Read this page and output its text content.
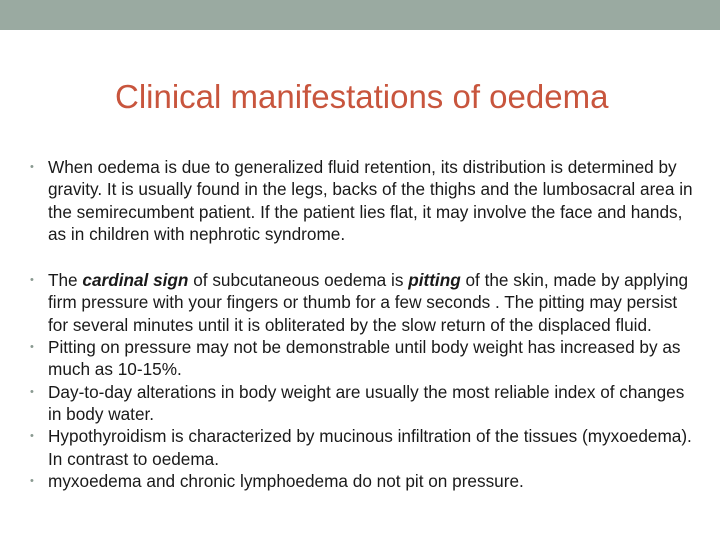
Clinical manifestations of oedema
• When oedema is due to generalized fluid retention, its distribution is determined by gravity. It is usually found in the legs, backs of the thighs and the lumbosacral area in the semirecumbent patient. If the patient lies flat, it may involve the face and hands, as in children with nephrotic syndrome.
• The cardinal sign of subcutaneous oedema is pitting of the skin, made by applying firm pressure with your fingers or thumb for a few seconds . The pitting may persist for several minutes until it is obliterated by the slow return of the displaced fluid.
• Pitting on pressure may not be demonstrable until body weight has increased by as much as 10-15%.
• Day-to-day alterations in body weight are usually the most reliable index of changes in body water.
• Hypothyroidism is characterized by mucinous infiltration of the tissues (myxoedema). In contrast to oedema.
• myxoedema and chronic lymphoedema do not pit on pressure.
